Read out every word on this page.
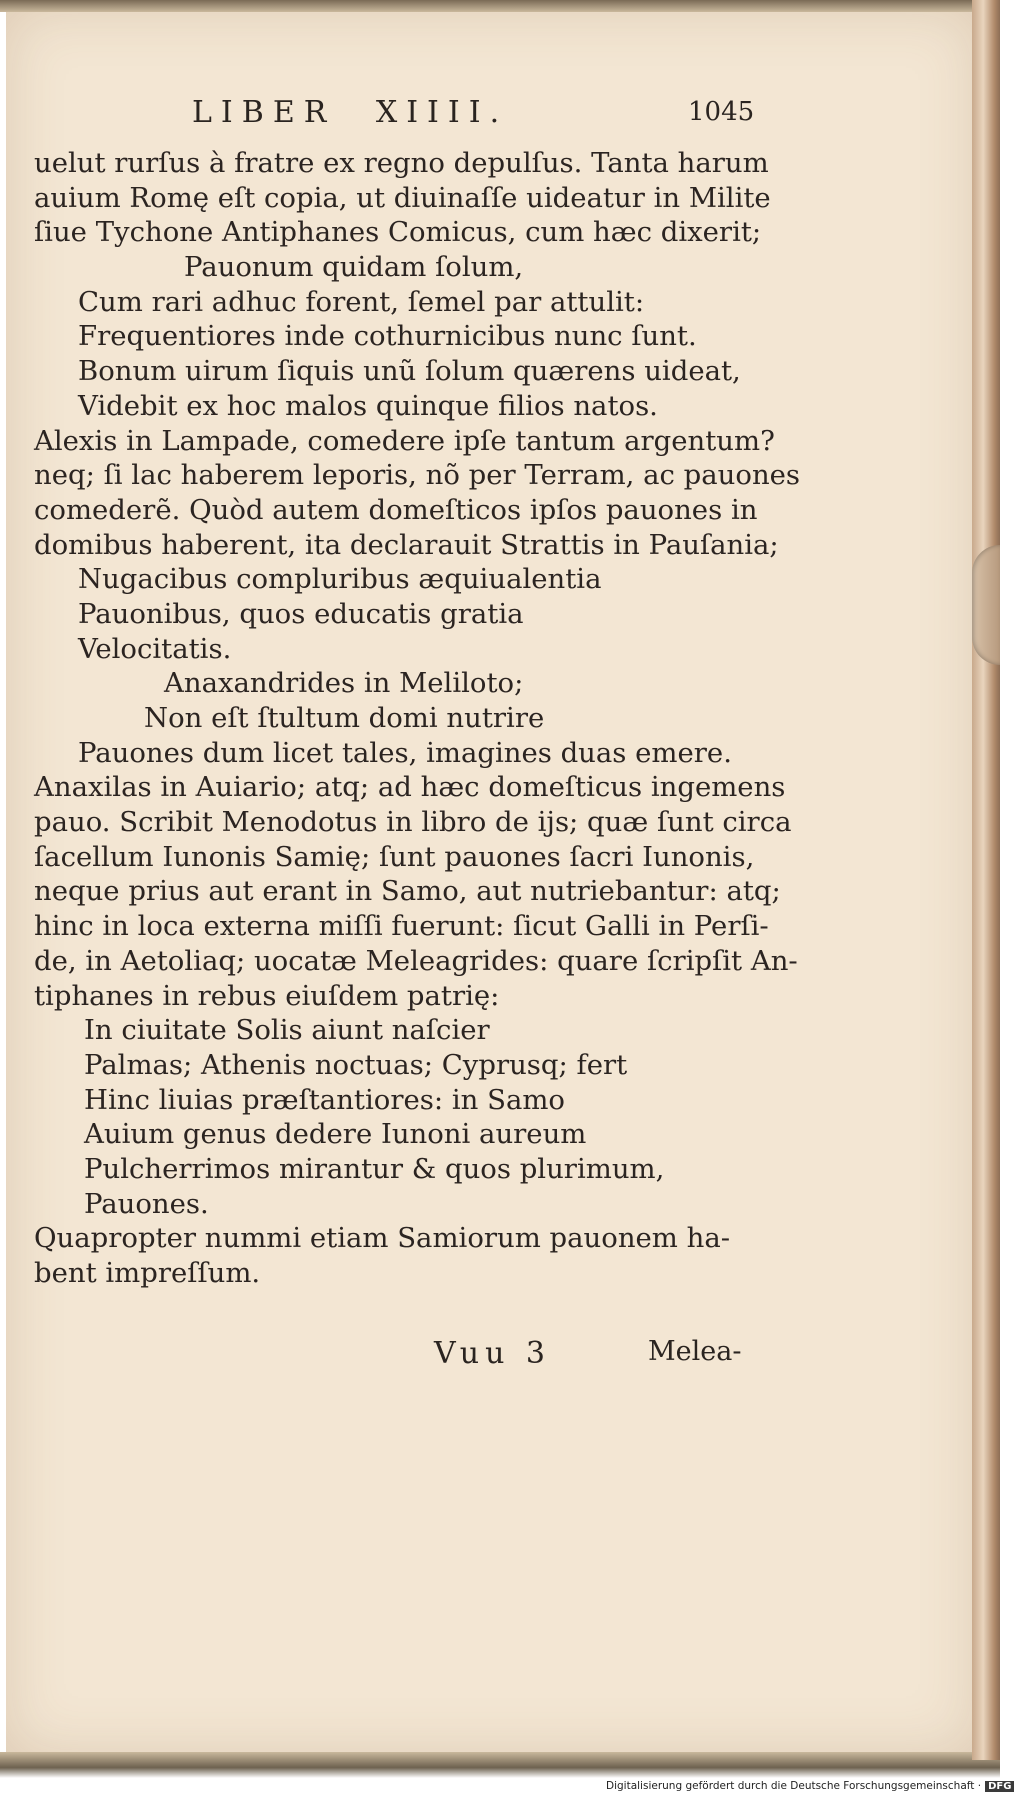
LIBER XIIII.	1045
uelut rurſus à fratre ex regno depulſus. Tanta harum
auium Romę eſt copia, ut diuinaſſe uideatur in Milite
ſiue Tychone Antiphanes Comicus, cum hæc dixerit;
Pauonum quidam ſolum,
Cum rari adhuc forent, ſemel par attulit:
Frequentiores inde cothurnicibus nunc ſunt.
Bonum uirum ſiquis unũ ſolum quærens uideat,
Videbit ex hoc malos quinque filios natos.
Alexis in Lampade, comedere ipſe tantum argentum?
neq; ſi lac haberem leporis, nõ per Terram, ac pauones
comederẽ. Quòd autem domeſticos ipſos pauones in
domibus haberent, ita declarauit Strattis in Pauſania;
Nugacibus compluribus æquiualentia
Pauonibus, quos educatis gratia
Velocitatis.
Anaxandrides in Meliloto;
Non eſt ſtultum domi nutrire
Pauones dum licet tales, imagines duas emere.
Anaxilas in Auiario; atq; ad hæc domeſticus ingemens
pauo. Scribit Menodotus in libro de ijs; quæ ſunt circa
ſacellum Iunonis Samię; ſunt pauones ſacri Iunonis,
neque prius aut erant in Samo, aut nutriebantur: atq;
hinc in loca externa miſſi fuerunt: ſicut Galli in Perſi-
de, in Aetoliaq; uocatæ Meleagrides: quare ſcripſit An-
tiphanes in rebus eiuſdem patrię:
In ciuitate Solis aiunt naſcier
Palmas; Athenis noctuas; Cyprusq; fert
Hinc liuias præſtantiores: in Samo
Auium genus dedere Iunoni aureum
Pulcherrimos mirantur & quos plurimum,
Pauones.
Quapropter nummi etiam Samiorum pauonem ha-
bent impreſſum.
Vuu 3	Melea-
Digitalisierung gefördert durch die Deutsche Forschungsgemeinschaft · DFG
